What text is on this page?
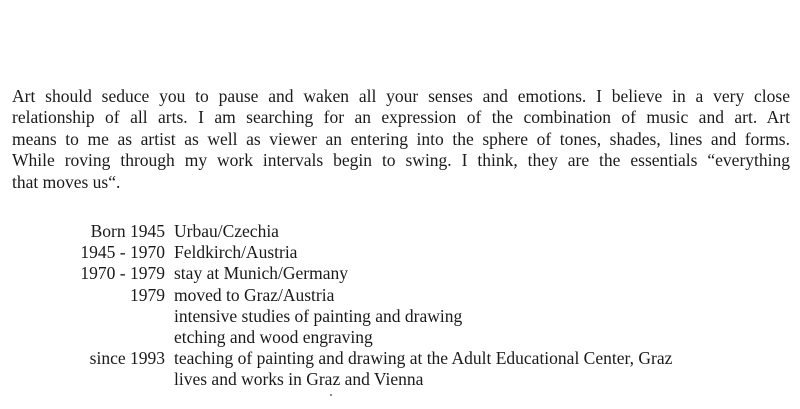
Art should seduce you to pause and waken all your senses and emotions. I believe in a very close
relationship of all arts. I am searching for an expression of the combination of music and art. Art
means to me as artist as well as viewer an entering into the sphere of tones, shades, lines and forms.
While roving through my work intervals begin to swing. I think, they are the essentials “everything
that moves us“.
Born 1945 Urbau/Czechia
1945 - 1970 Feldkirch/Austria
1970 - 1979 stay at Munich/Germany
1979 moved to Graz/Austria
intensive studies of painting and drawing
etching and wood engraving
since 1993 teaching of painting and drawing at the Adult Educational Center, Graz
lives and works in Graz and Vienna
